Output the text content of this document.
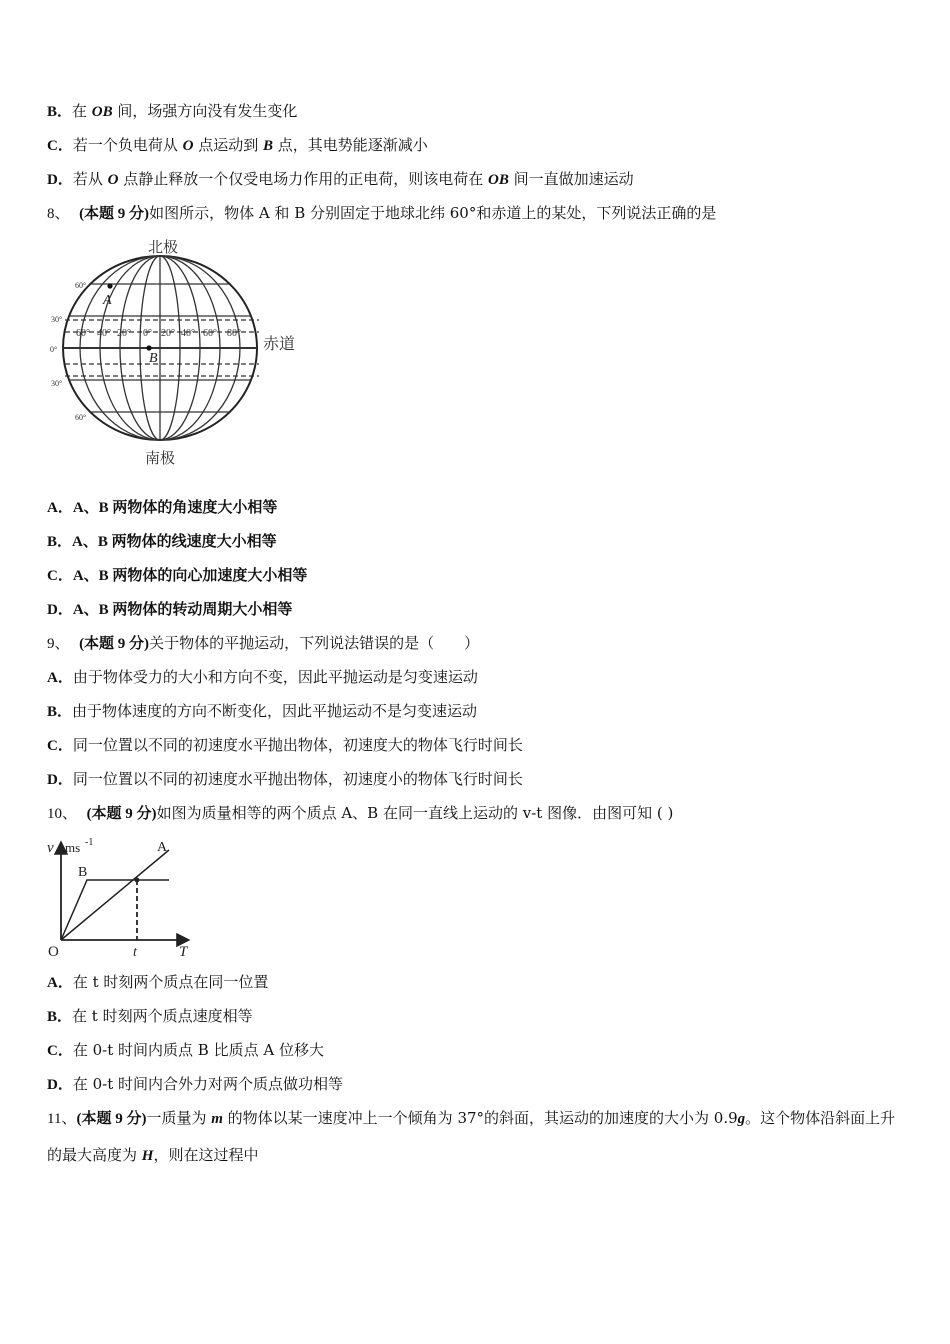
B．在 OB 间，场强方向没有发生变化
C．若一个负电荷从 O 点运动到 B 点，其电势能逐渐减小
D．若从 O 点静止释放一个仅受电场力作用的正电荷，则该电荷在 OB 间一直做加速运动
8、 (本题 9 分)如图所示，物体 A 和 B 分别固定于地球北纬 60°和赤道上的某处，下列说法正确的是
北极
南极
赤道
60°
30°
0°
30°
60°
60° 40° 20° 0° 20° 40° 60° 80°
A
B
A．A、B 两物体的角速度大小相等
B．A、B 两物体的线速度大小相等
C．A、B 两物体的向心加速度大小相等
D．A、B 两物体的转动周期大小相等
9、 (本题 9 分)关于物体的平抛运动，下列说法错误的是（　　）
A．由于物体受力的大小和方向不变，因此平抛运动是匀变速运动
B．由于物体速度的方向不断变化，因此平抛运动不是匀变速运动
C．同一位置以不同的初速度水平抛出物体，初速度大的物体飞行时间长
D．同一位置以不同的初速度水平抛出物体，初速度小的物体飞行时间长
10、 (本题 9 分)如图为质量相等的两个质点 A、B 在同一直线上运动的 v-t 图像．由图可知 ( )
v ms -1
O	T
t
B
A
A．在 t 时刻两个质点在同一位置
B．在 t 时刻两个质点速度相等
C．在 0-t 时间内质点 B 比质点 A 位移大
D．在 0-t 时间内合外力对两个质点做功相等
11、(本题 9 分)一质量为 m 的物体以某一速度冲上一个倾角为 37°的斜面，其运动的加速度的大小为 0.9g。这个物体沿斜面上升的最大高度为 H，则在这过程中
